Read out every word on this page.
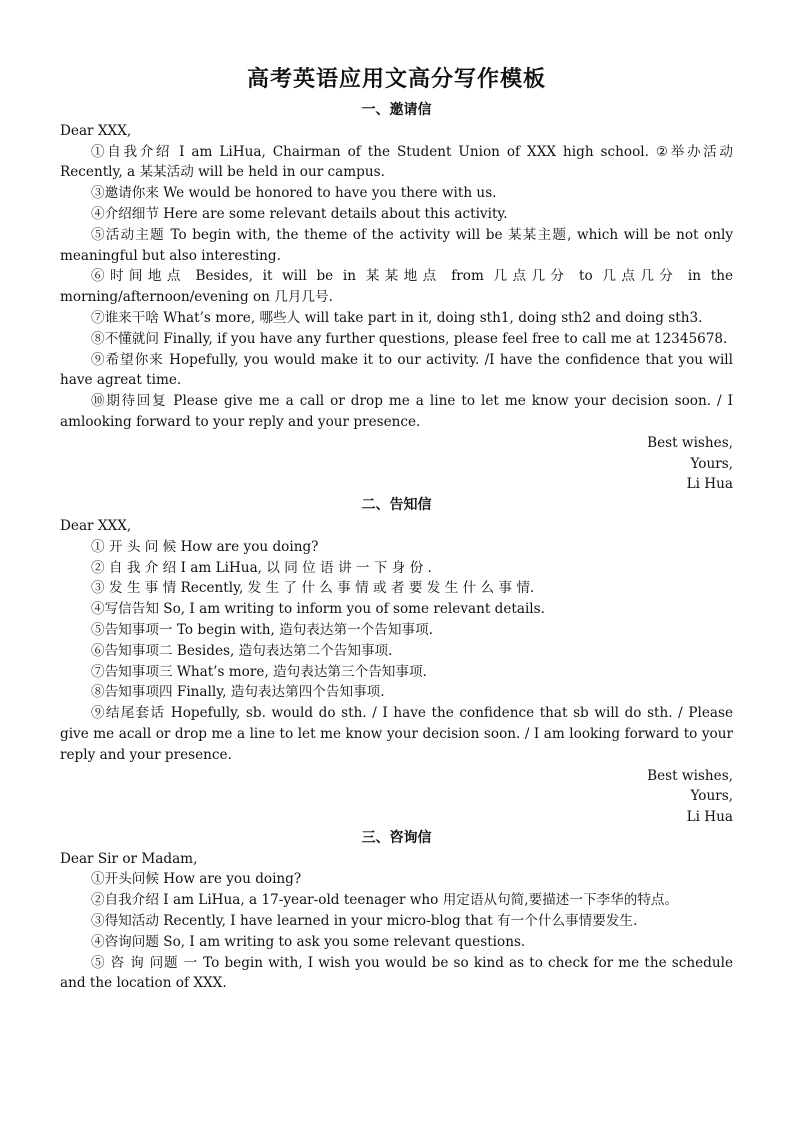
高考英语应用文高分写作模板
一、邀请信

Dear XXX,

①自我介绍 I am LiHua, Chairman of the Student Union of XXX high school. ②举办活动 Recently, a 某某活动 will be held in our campus.

③邀请你来 We would be honored to have you there with us.

④介绍细节 Here are some relevant details about this activity.

⑤活动主题 To begin with, the theme of the activity will be 某某主题, which will be not only meaningful but also interesting.

⑥时间地点 Besides, it will be in 某某地点 from 几点几分 to 几点几分 in the morning/afternoon/evening on 几月几号.

⑦谁来干啥 What’s more, 哪些人 will take part in it, doing sth1, doing sth2 and doing sth3.

⑧不懂就问 Finally, if you have any further questions, please feel free to call me at 12345678.

⑨希望你来 Hopefully, you would make it to our activity. /I have the confidence that you will have agreat time.

⑩期待回复 Please give me a call or drop me a line to let me know your decision soon. / I amlooking forward to your reply and your presence.

Best wishes,

Yours,

Li Hua

二、告知信

Dear XXX,

① 开 头 问 候 How are you doing?

② 自 我 介 绍 I am LiHua, 以 同 位 语 讲 一 下 身 份 .

③ 发 生 事 情 Recently, 发 生 了 什 么 事 情 或 者 要 发 生 什 么 事 情.

④写信告知 So, I am writing to inform you of some relevant details.

⑤告知事项一 To begin with, 造句表达第一个告知事项.

⑥告知事项二 Besides, 造句表达第二个告知事项.

⑦告知事项三 What’s more, 造句表达第三个告知事项.

⑧告知事项四 Finally, 造句表达第四个告知事项.

⑨结尾套话 Hopefully, sb. would do sth. / I have the confidence that sb will do sth. / Please give me acall or drop me a line to let me know your decision soon. / I am looking forward to your reply and your presence.

Best wishes,

Yours,

Li Hua

三、咨询信

Dear Sir or Madam,

①开头问候 How are you doing?

②自我介绍 I am LiHua, a 17-year-old teenager who 用定语从句简,要描述一下李华的特点。

③得知活动 Recently, I have learned in your micro-blog that 有一个什么事情要发生.

④咨询问题 So, I am writing to ask you some relevant questions.

⑤ 咨 询 问题 一 To begin with, I wish you would be so kind as to check for me the schedule and the location of XXX.
